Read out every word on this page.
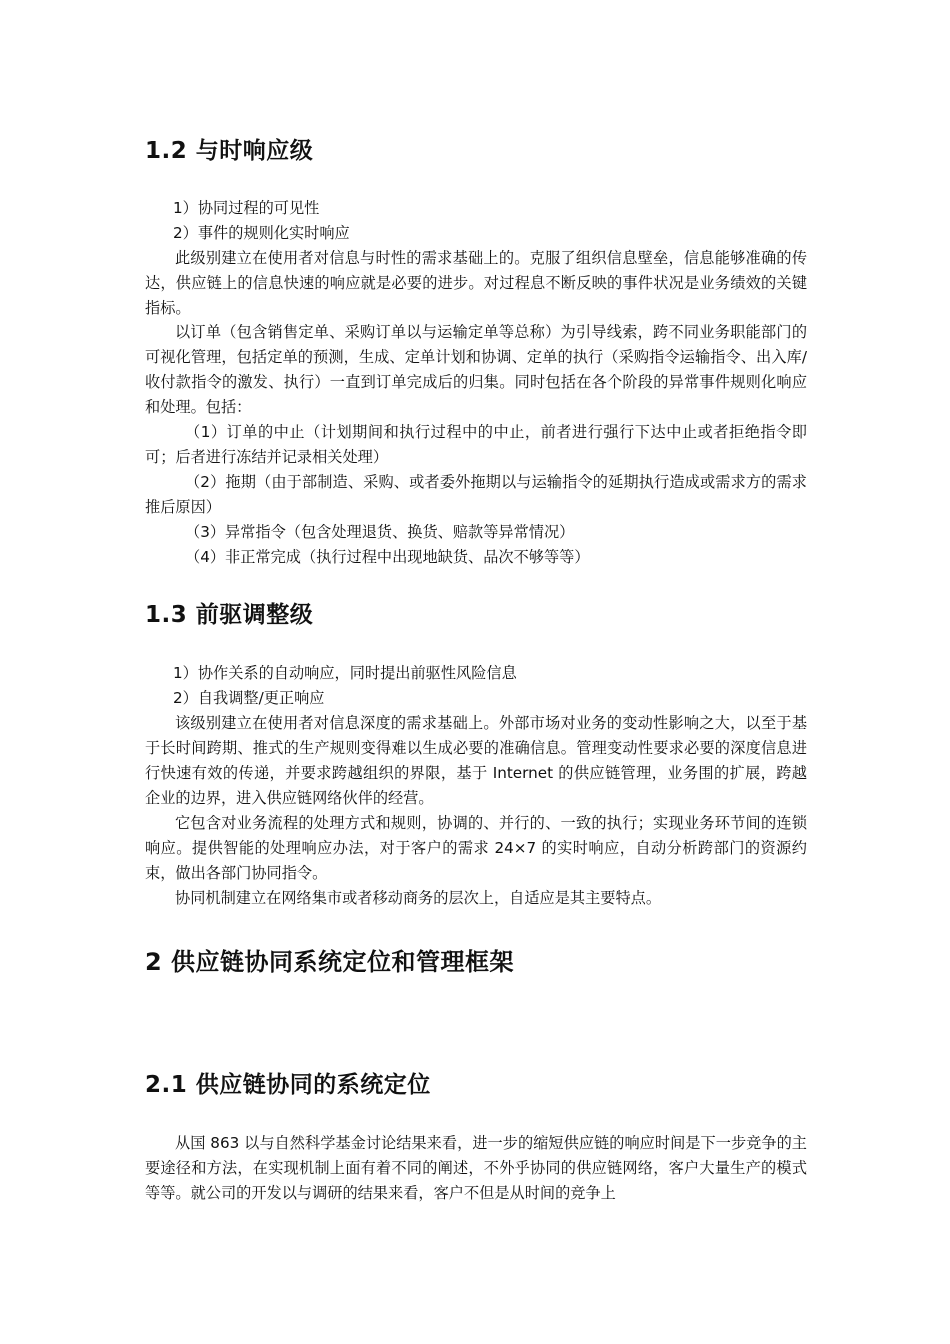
1.2 与时响应级

1）协同过程的可见性

2）事件的规则化实时响应

此级别建立在使用者对信息与时性的需求基础上的。克服了组织信息壁垒，信息能够准确的传达，供应链上的信息快速的响应就是必要的进步。对过程息不断反映的事件状况是业务绩效的关键指标。

以订单（包含销售定单、采购订单以与运输定单等总称）为引导线索，跨不同业务职能部门的可视化管理，包括定单的预测，生成、定单计划和协调、定单的执行（采购指令运输指令、出入库/收付款指令的激发、执行）一直到订单完成后的归集。同时包括在各个阶段的异常事件规则化响应和处理。包括：

（1）订单的中止（计划期间和执行过程中的中止，前者进行强行下达中止或者拒绝指令即可；后者进行冻结并记录相关处理）

（2）拖期（由于部制造、采购、或者委外拖期以与运输指令的延期执行造成或需求方的需求推后原因）

（3）异常指令（包含处理退货、换货、赔款等异常情况）

（4）非正常完成（执行过程中出现地缺货、品次不够等等）

1.3 前驱调整级

1）协作关系的自动响应，同时提出前驱性风险信息

2）自我调整/更正响应

该级别建立在使用者对信息深度的需求基础上。外部市场对业务的变动性影响之大，以至于基于长时间跨期、推式的生产规则变得难以生成必要的准确信息。管理变动性要求必要的深度信息进行快速有效的传递，并要求跨越组织的界限，基于 Internet 的供应链管理，业务围的扩展，跨越企业的边界，进入供应链网络伙伴的经营。

它包含对业务流程的处理方式和规则，协调的、并行的、一致的执行；实现业务环节间的连锁响应。提供智能的处理响应办法，对于客户的需求 24×7 的实时响应，自动分析跨部门的资源约束，做出各部门协同指令。

协同机制建立在网络集市或者移动商务的层次上，自适应是其主要特点。

2 供应链协同系统定位和管理框架
2.1 供应链协同的系统定位

从国 863 以与自然科学基金讨论结果来看，进一步的缩短供应链的响应时间是下一步竞争的主要途径和方法，在实现机制上面有着不同的阐述，不外乎协同的供应链网络，客户大量生产的模式等等。就公司的开发以与调研的结果来看，客户不但是从时间的竞争上
